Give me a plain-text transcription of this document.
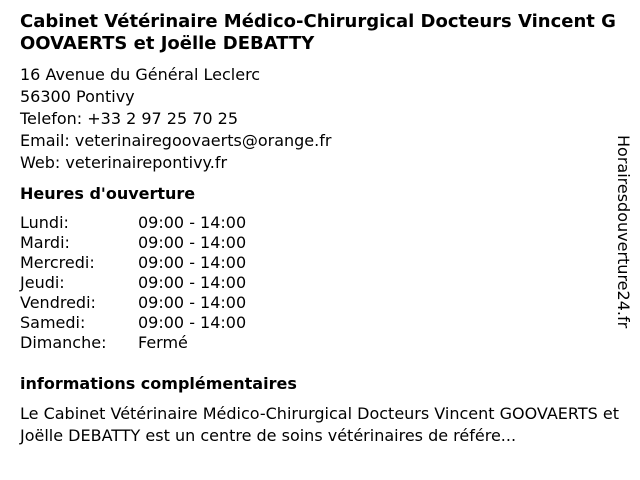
Cabinet Vétérinaire Médico-Chirurgical Docteurs Vincent GOOVAERTS et Joëlle DEBATTY
16 Avenue du Général Leclerc
56300 Pontivy
Telefon: +33 2 97 25 70 25
Email: veterinairegoovaerts@orange.fr
Web: veterinairepontivy.fr
Heures d'ouverture
Lundi:	09:00 - 14:00
Mardi:	09:00 - 14:00
Mercredi:	09:00 - 14:00
Jeudi:	09:00 - 14:00
Vendredi:	09:00 - 14:00
Samedi:	09:00 - 14:00
Dimanche: Fermé
informations complémentaires
Le Cabinet Vétérinaire Médico-Chirurgical Docteurs Vincent GOOVAERTS et Joëlle DEBATTY est un centre de soins vétérinaires de référe...
Horairesdouverture24.fr
